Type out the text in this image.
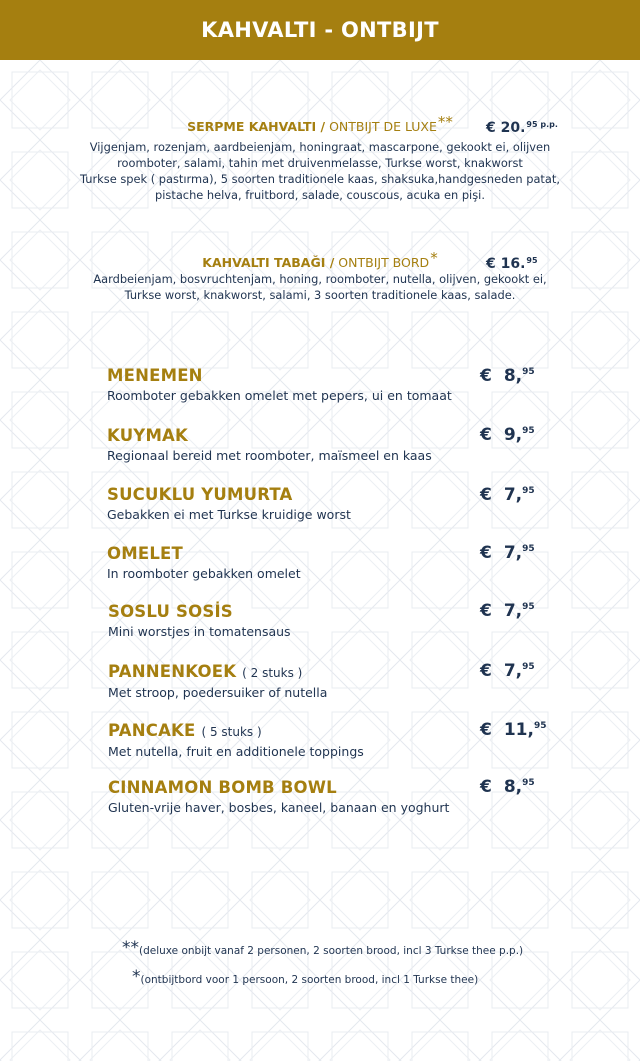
KAHVALTI - ONTBIJT
SERPME KAHVALTI / ONTBIJT DE LUXE**
Vijgenjam, rozenjam, aardbeienjam, honingraat, mascarpone, gekookt ei, olijven
roomboter, salami, tahin met druivenmelasse, Turkse worst, knakworst
Turkse spek ( pastırma), 5 soorten traditionele kaas, shaksuka,handgesneden patat,
pistache helva, fruitbord, salade, couscous, acuka en pişi.
€ 20.$^{95 p.p.}$
KAHVALTI TABAĞI / ONTBIJT BORD*
Aardbeienjam, bosvruchtenjam, honing, roomboter, nutella, olijven, gekookt ei,
Turkse worst, knakworst, salami, 3 soorten traditionele kaas, salade.
€ 16.95
MENEMEN
Roomboter gebakken omelet met pepers, ui en tomaat
€ 8,95
KUYMAK
Regionaal bereid met roomboter, maïsmeel en kaas
€ 9,95
SUCUKLU YUMURTA
Gebakken ei met Turkse kruidige worst
€ 7,95
OMELET
In roomboter gebakken omelet
€ 7,95
SOSLU SOSİS
Mini worstjes in tomatensaus
€ 7,95
PANNENKOEK ( 2 stuks )
Met stroop, poedersuiker of nutella
€ 7,95
PANCAKE ( 5 stuks )
Met nutella, fruit en additionele toppings
€ 11,95
CINNAMON BOMB BOWL
Gluten-vrije haver, bosbes, kaneel, banaan en yoghurt
€ 8,95
**(deluxe onbijt vanaf 2 personen, 2 soorten brood, incl 3 Turkse thee p.p.)
*(ontbijtbord voor 1 persoon, 2 soorten brood, incl 1 Turkse thee)
